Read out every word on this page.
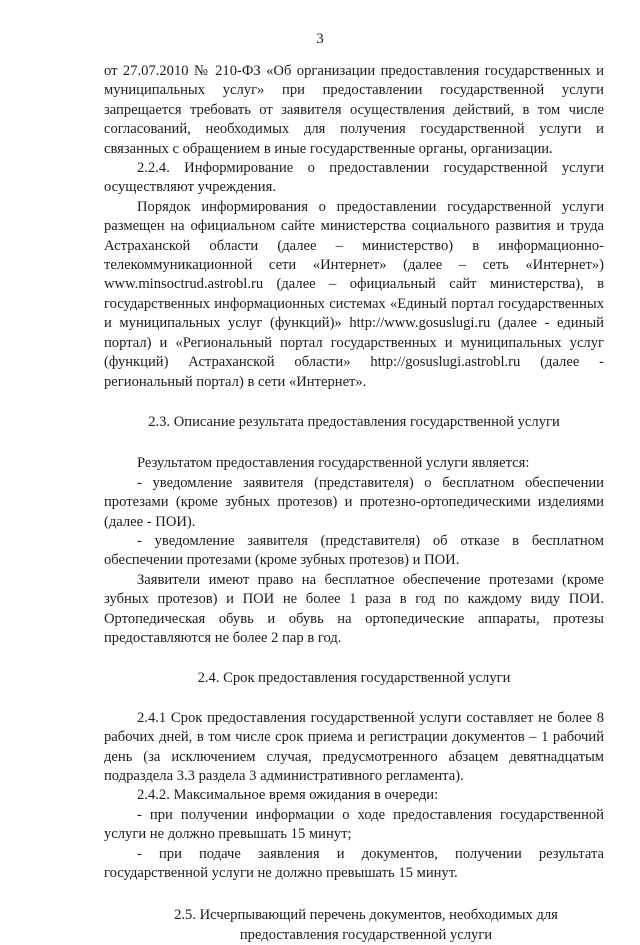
3

от 27.07.2010 № 210-ФЗ «Об организации предоставления государственных и муниципальных услуг» при предоставлении государственной услуги запрещается требовать от заявителя осуществления действий, в том числе согласований, необходимых для получения государственной услуги и связанных с обращением в иные государственные органы, организации.

2.2.4. Информирование о предоставлении государственной услуги осуществляют учреждения.

Порядок информирования о предоставлении государственной услуги размещен на официальном сайте министерства социального развития и труда Астраханской области (далее – министерство) в информационно-телекоммуникационной сети «Интернет» (далее – сеть «Интернет») www.minsoctrud.astrobl.ru (далее – официальный сайт министерства), в государственных информационных системах «Единый портал государственных и муниципальных услуг (функций)» http://www.gosuslugi.ru (далее - единый портал) и «Региональный портал государственных и муниципальных услуг (функций) Астраханской области» http://gosuslugi.astrobl.ru (далее - региональный портал) в сети «Интернет».

2.3. Описание результата предоставления государственной услуги

Результатом предоставления государственной услуги является:

- уведомление заявителя (представителя) о бесплатном обеспечении протезами (кроме зубных протезов) и протезно-ортопедическими изделиями (далее - ПОИ).

- уведомление заявителя (представителя) об отказе в бесплатном обеспечении протезами (кроме зубных протезов) и ПОИ.

Заявители имеют право на бесплатное обеспечение протезами (кроме зубных протезов) и ПОИ не более 1 раза в год по каждому виду ПОИ. Ортопедическая обувь и обувь на ортопедические аппараты, протезы предоставляются не более 2 пар в год.

2.4. Срок предоставления государственной услуги

2.4.1 Срок предоставления государственной услуги составляет не более 8 рабочих дней, в том числе срок приема и регистрации документов – 1 рабочий день (за исключением случая, предусмотренного абзацем девятнадцатым подраздела 3.3 раздела 3 административного регламента).

2.4.2. Максимальное время ожидания в очереди:

- при получении информации о ходе предоставления государственной услуги не должно превышать 15 минут;

- при подаче заявления и документов, получении результата государственной услуги не должно превышать 15 минут.

2.5. Исчерпывающий перечень документов, необходимых для
предоставления государственной услуги
